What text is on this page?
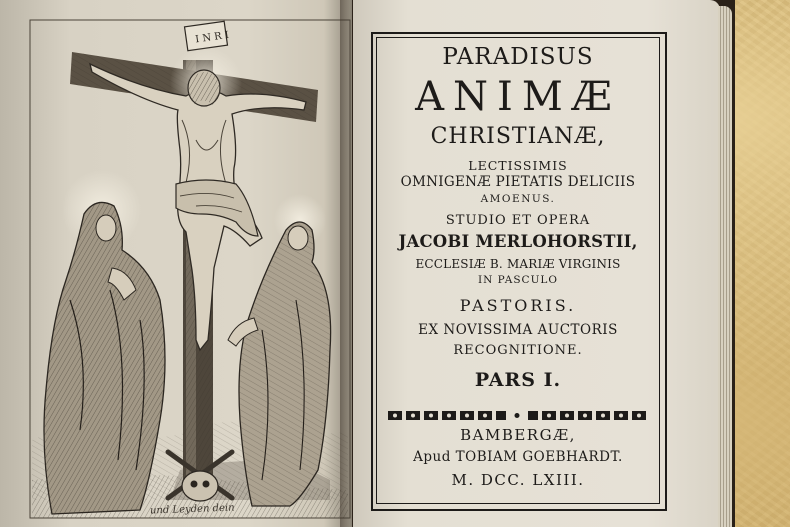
I N R I
und Leyden dein
PARADISUS
ANIMÆ
CHRISTIANÆ,
LECTISSIMIS
OMNIGENÆ PIETATIS DELICIIS
AMOENUS.
STUDIO ET OPERA
JACOBI MERLOHORSTII,
ECCLESIÆ B. MARIÆ VIRGINIS
IN PASCULO
PASTORIS.
EX NOVISSIMA AUCTORIS
RECOGNITIONE.
PARS I.
BAMBERGÆ,
Apud TOBIAM GOEBHARDT.
M. DCC. LXIII.
